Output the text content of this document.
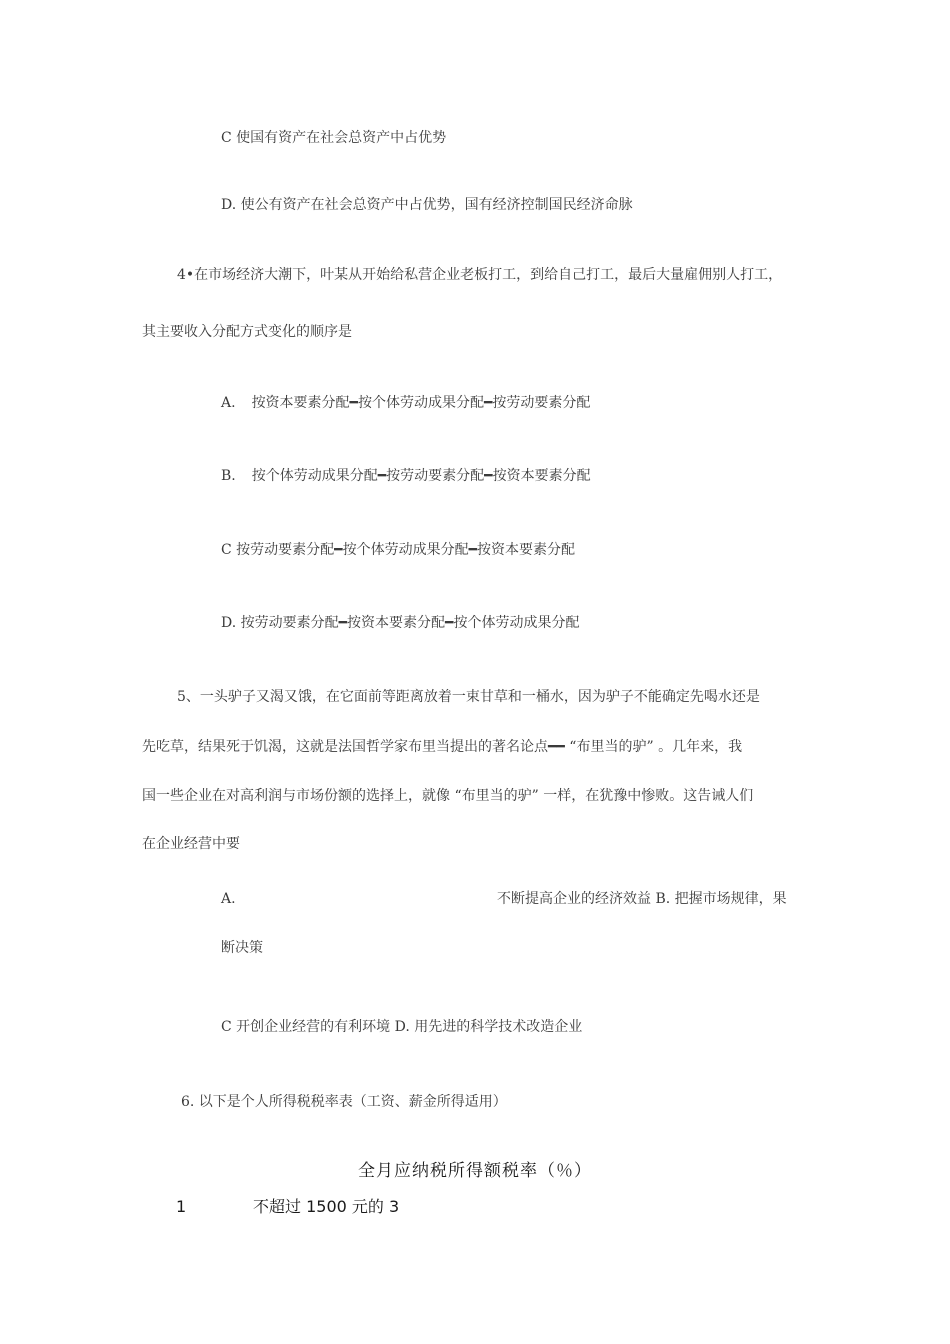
C 使国有资产在社会总资产中占优势
D. 使公有资产在社会总资产中占优势，国有经济控制国民经济命脉
4•在市场经济大潮下，叶某从开始给私营企业老板打工，到给自己打工，最后大量雇佣别人打工，
其主要收入分配方式变化的顺序是
A. 按资本要素分配━按个体劳动成果分配━按劳动要素分配
B. 按个体劳动成果分配━按劳动要素分配━按资本要素分配
C 按劳动要素分配━按个体劳动成果分配━按资本要素分配
D. 按劳动要素分配━按资本要素分配━按个体劳动成果分配
5、一头驴子又渴又饿，在它面前等距离放着一束甘草和一桶水，因为驴子不能确定先喝水还是
先吃草，结果死于饥渴，这就是法国哲学家布里当提出的著名论点━━ “布里当的驴” 。几年来，我
国一些企业在对高利润与市场份额的选择上，就像 “布里当的驴” 一样，在犹豫中惨败。这告诫人们
在企业经营中要
A.	不断提高企业的经济效益 B. 把握市场规律，果
断决策
C 开创企业经营的有利环境 D. 用先进的科学技术改造企业
6. 以下是个人所得税税率表（工资、薪金所得适用）
全月应纳税所得额税率（％）
1	不超过 1500 元的 3
